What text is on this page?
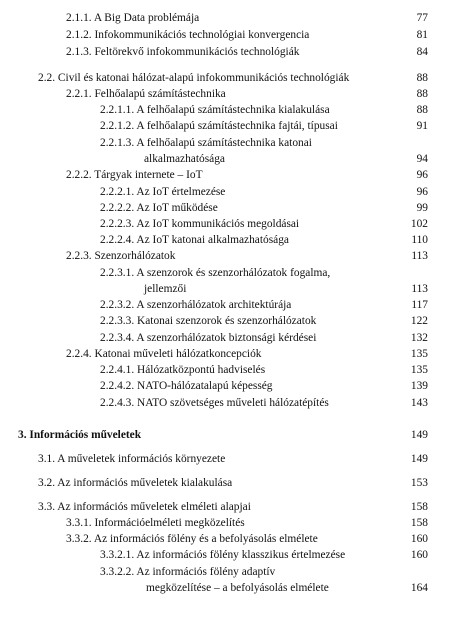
2.1.1. A Big Data problémája	77
2.1.2. Infokommunikációs technológiai konvergencia	81
2.1.3. Feltörekvő infokommunikációs technológiák	84
2.2. Civil és katonai hálózat-alapú infokommunikációs technológiák	88
2.2.1. Felhőalapú számítástechnika	88
2.2.1.1. A felhőalapú számítástechnika kialakulása	88
2.2.1.2. A felhőalapú számítástechnika fajtái, típusai	91
2.2.1.3. A felhőalapú számítástechnika katonai
alkalmazhatósága	94
2.2.2. Tárgyak internete – IoT	96
2.2.2.1. Az IoT értelmezése	96
2.2.2.2. Az IoT működése	99
2.2.2.3. Az IoT kommunikációs megoldásai	102
2.2.2.4. Az IoT katonai alkalmazhatósága	110
2.2.3. Szenzorhálózatok	113
2.2.3.1. A szenzorok és szenzorhálózatok fogalma,
jellemzői	113
2.2.3.2. A szenzorhálózatok architektúrája	117
2.2.3.3. Katonai szenzorok és szenzorhálózatok	122
2.2.3.4. A szenzorhálózatok biztonsági kérdései	132
2.2.4. Katonai műveleti hálózatkoncepciók	135
2.2.4.1. Hálózatközpontú hadviselés	135
2.2.4.2. NATO-hálózatalapú képesség	139
2.2.4.3. NATO szövetséges műveleti hálózatépítés	143
3. Információs műveletek	149
3.1. A műveletek információs környezete	149
3.2. Az információs műveletek kialakulása	153
3.3. Az információs műveletek elméleti alapjai	158
3.3.1. Információelméleti megközelítés	158
3.3.2. Az információs fölény és a befolyásolás elmélete	160
3.3.2.1. Az információs fölény klasszikus értelmezése	160
3.3.2.2. Az információs fölény adaptív
megközelítése – a befolyásolás elmélete	164
